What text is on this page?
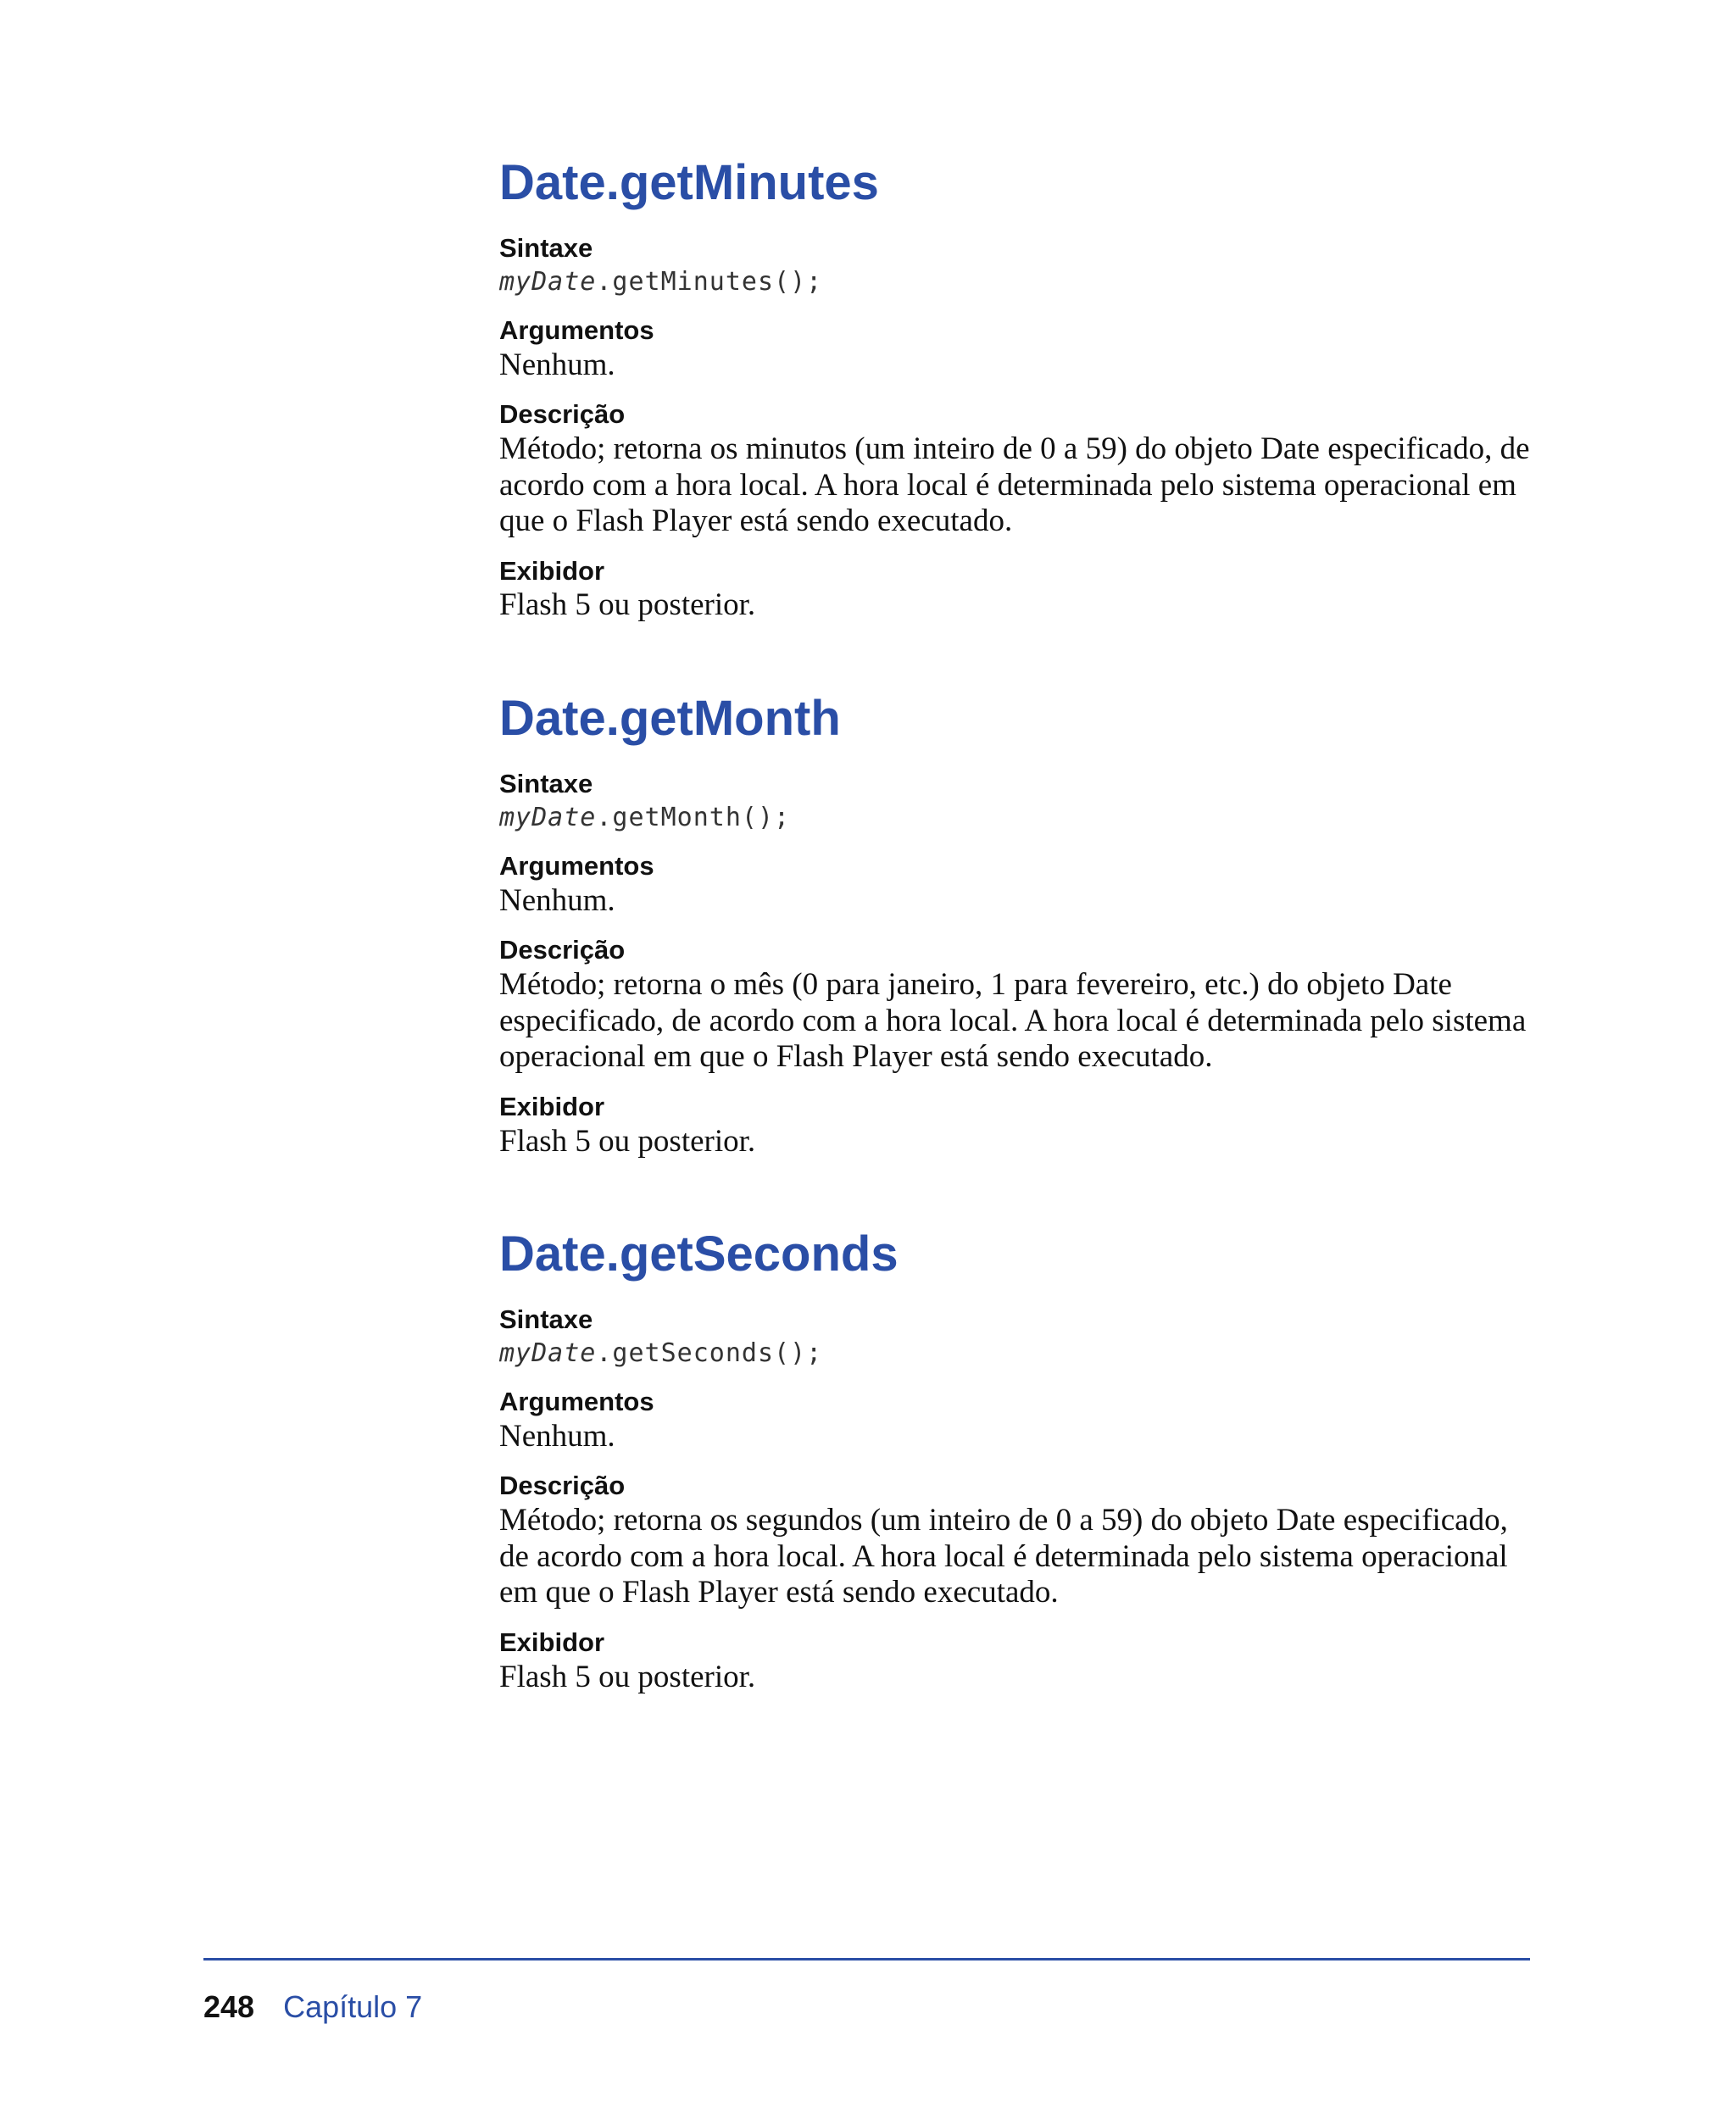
Date.getMinutes

Sintaxe

myDate.getMinutes();

Argumentos

Nenhum.

Descrição

Método; retorna os minutos (um inteiro de 0 a 59) do objeto Date especificado, de acordo com a hora local. A hora local é determinada pelo sistema operacional em que o Flash Player está sendo executado.

Exibidor

Flash 5 ou posterior.

Date.getMonth

Sintaxe

myDate.getMonth();

Argumentos

Nenhum.

Descrição

Método; retorna o mês (0 para janeiro, 1 para fevereiro, etc.) do objeto Date especificado, de acordo com a hora local. A hora local é determinada pelo sistema operacional em que o Flash Player está sendo executado.

Exibidor

Flash 5 ou posterior.

Date.getSeconds

Sintaxe

myDate.getSeconds();

Argumentos

Nenhum.

Descrição

Método; retorna os segundos (um inteiro de 0 a 59) do objeto Date especificado, de acordo com a hora local. A hora local é determinada pelo sistema operacional em que o Flash Player está sendo executado.

Exibidor

Flash 5 ou posterior.

248 Capítulo 7
